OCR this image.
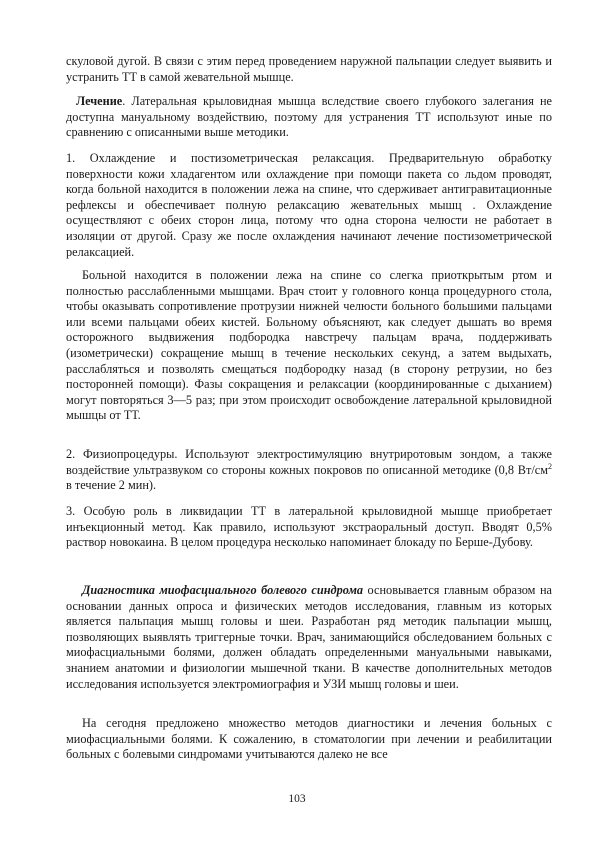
скуловой дугой. В связи с этим перед проведением наружной пальпации следует выявить и устранить ТТ в самой жевательной мышце.

Лечение. Латеральная крыловидная мышца вследствие своего глубокого залегания не доступна мануальному воздействию, поэтому для устранения ТТ используют иные по сравнению с описанными выше методики.

1. Охлаждение и постизометрическая релаксация. Предварительную обработку поверхности кожи хладагентом или охлаждение при помощи пакета со льдом проводят, когда больной находится в положении лежа на спине, что сдерживает антигравитационные рефлексы и обеспечивает полную релаксацию жевательных мышц . Охлаждение осуществляют с обеих сторон лица, потому что одна сторона челюсти не работает в изоляции от другой. Сразу же после охлаждения начинают лечение постизометрической релаксацией.

Больной находится в положении лежа на спине со слегка приоткрытым ртом и полностью расслабленными мышцами. Врач стоит у головного конца процедурного стола, чтобы оказывать сопротивление протрузии нижней челюсти больного большими пальцами или всеми пальцами обеих кистей. Больному объясняют, как следует дышать во время осторожного выдвижения подбородка навстречу пальцам врача, поддерживать (изометрически) сокращение мышц в течение нескольких секунд, а затем выдыхать, расслабляться и позволять смещаться подбородку назад (в сторону ретрузии, но без посторонней помощи). Фазы сокращения и релаксации (координированные с дыханием) могут повторяться 3—5 раз; при этом происходит освобождение латеральной крыловидной мышцы от ТТ.

2. Физиопроцедуры. Используют электростимуляцию внутриротовым зондом, а также воздействие ультразвуком со стороны кожных покровов по описанной методике (0,8 $Вт/см^2$ в течение 2 мин).

3. Особую роль в ликвидации ТТ в латеральной крыловидной мышце приобретает инъекционный метод. Как правило, используют экстраоральный доступ. Вводят 0,5% раствор новокаина. В целом процедура несколько напоминает блокаду по Берше-Дубову.

Диагностика миофасциального болевого синдрома основывается главным образом на основании данных опроса и физических методов исследования, главным из которых является пальпация мышц головы и шеи. Разработан ряд методик пальпации мышц, позволяющих выявлять триггерные точки. Врач, занимающийся обследованием больных с миофасциальными болями, должен обладать определенными мануальными навыками, знанием анатомии и физиологии мышечной ткани. В качестве дополнительных методов исследования используется электромиография и УЗИ мышц головы и шеи.

На сегодня предложено множество методов диагностики и лечения больных с миофасциальными болями. К сожалению, в стоматологии при лечении и реабилитации больных с болевыми синдромами учитываются далеко не все

103
